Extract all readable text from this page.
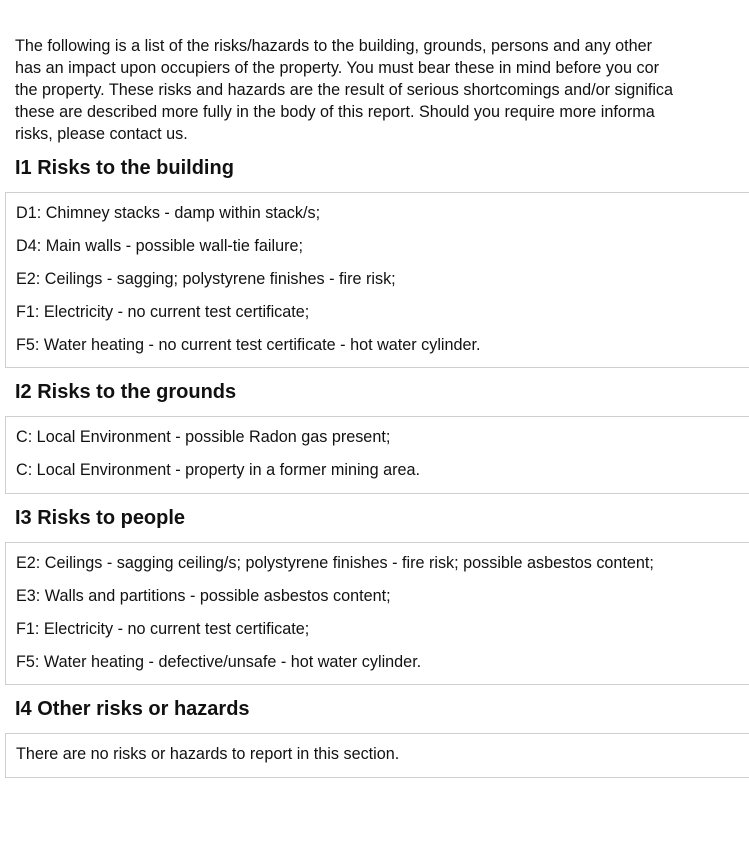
The following is a list of the risks/hazards to the building, grounds, persons and any other
has an impact upon occupiers of the property. You must bear these in mind before you cor
the property. These risks and hazards are the result of serious shortcomings and/or significa
these are described more fully in the body of this report. Should you require more informa
risks, please contact us.
I1 Risks to the building
D1: Chimney stacks - damp within stack/s;
D4: Main walls - possible wall-tie failure;
E2: Ceilings - sagging; polystyrene finishes - fire risk;
F1: Electricity - no current test certificate;
F5: Water heating - no current test certificate - hot water cylinder.
I2 Risks to the grounds
C: Local Environment - possible Radon gas present;
C: Local Environment - property in a former mining area.
I3 Risks to people
E2: Ceilings - sagging ceiling/s; polystyrene finishes - fire risk; possible asbestos content;
E3: Walls and partitions - possible asbestos content;
F1: Electricity - no current test certificate;
F5: Water heating - defective/unsafe - hot water cylinder.
I4 Other risks or hazards
There are no risks or hazards to report in this section.
